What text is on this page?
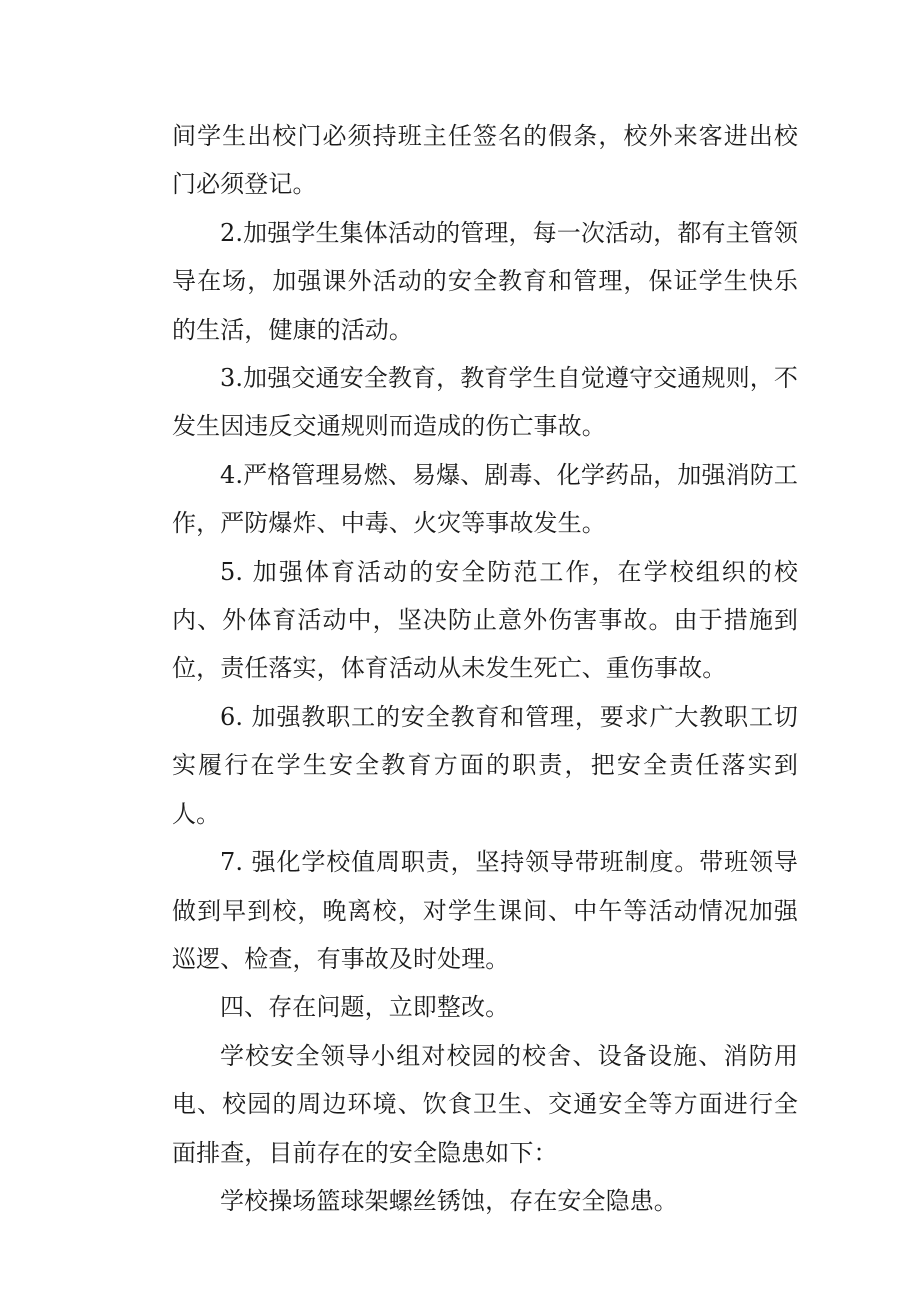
间学生出校门必须持班主任签名的假条，校外来客进出校门必须登记。

2.加强学生集体活动的管理，每一次活动，都有主管领导在场，加强课外活动的安全教育和管理，保证学生快乐的生活，健康的活动。

3.加强交通安全教育，教育学生自觉遵守交通规则，不发生因违反交通规则而造成的伤亡事故。

4.严格管理易燃、易爆、剧毒、化学药品，加强消防工作，严防爆炸、中毒、火灾等事故发生。

5. 加强体育活动的安全防范工作，在学校组织的校内、外体育活动中，坚决防止意外伤害事故。由于措施到位，责任落实，体育活动从未发生死亡、重伤事故。

6. 加强教职工的安全教育和管理，要求广大教职工切实履行在学生安全教育方面的职责，把安全责任落实到人。

7. 强化学校值周职责，坚持领导带班制度。带班领导做到早到校，晚离校，对学生课间、中午等活动情况加强巡逻、检查，有事故及时处理。

四、存在问题，立即整改。

学校安全领导小组对校园的校舍、设备设施、消防用电、校园的周边环境、饮食卫生、交通安全等方面进行全面排查，目前存在的安全隐患如下：

学校操场篮球架螺丝锈蚀，存在安全隐患。
